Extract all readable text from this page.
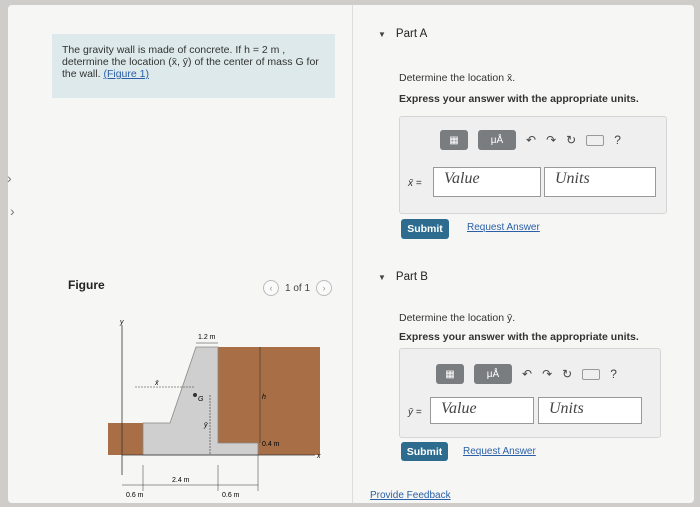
›
›
The gravity wall is made of concrete. If h = 2 m , determine the location (x̄, ȳ) of the center of mass G for the wall. (Figure 1)
Figure	‹	1 of 1	›
y
x
1.2 m
h
G
x̄
ȳ
0.4 m
0.6 m
2.4 m
0.6 m
▼ Part A
Determine the location x̄.
Express your answer with the appropriate units.
▦	μÅ	↶ ↷ ↻	?
x̄ =	Value	Units
Submit	Request Answer
▼ Part B
Determine the location ȳ.
Express your answer with the appropriate units.
▦	μÅ	↶ ↷ ↻	?
ȳ =	Value	Units
Submit	Request Answer
Provide Feedback
